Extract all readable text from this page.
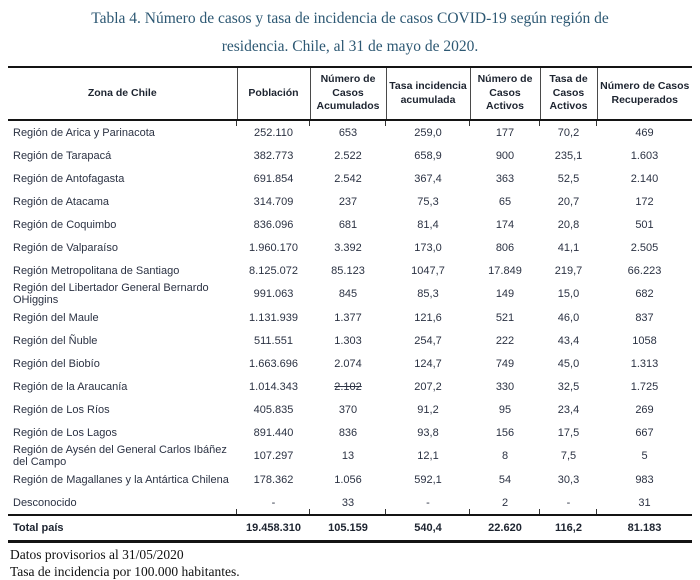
Tabla 4. Número de casos y tasa de incidencia de casos COVID-19 según región de
residencia. Chile, al 31 de mayo de 2020.
Zona de Chile	Población	Número de Casos Acumulados	Tasa incidencia acumulada	Número de Casos Activos	Tasa de Casos Activos	Número de Casos Recuperados
Región de Arica y Parinacota	252.110	653	259,0	177	70,2	469
Región de Tarapacá	382.773	2.522	658,9	900	235,1	1.603
Región de Antofagasta	691.854	2.542	367,4	363	52,5	2.140
Región de Atacama	314.709	237	75,3	65	20,7	172
Región de Coquimbo	836.096	681	81,4	174	20,8	501
Región de Valparaíso	1.960.170	3.392	173,0	806	41,1	2.505
Región Metropolitana de Santiago	8.125.072	85.123	1047,7	17.849	219,7	66.223
Región del Libertador General Bernardo OHiggins	991.063	845	85,3	149	15,0	682
Región del Maule	1.131.939	1.377	121,6	521	46,0	837
Región del Ñuble	511.551	1.303	254,7	222	43,4	1058
Región del Biobío	1.663.696	2.074	124,7	749	45,0	1.313
Región de la Araucanía	1.014.343	2.102	207,2	330	32,5	1.725
Región de Los Ríos	405.835	370	91,2	95	23,4	269
Región de Los Lagos	891.440	836	93,8	156	17,5	667
Región de Aysén del General Carlos Ibáñez del Campo	107.297	13	12,1	8	7,5	5
Región de Magallanes y la Antártica Chilena	178.362	1.056	592,1	54	30,3	983
Desconocido	-	33	-	2	-	31
Total país	19.458.310	105.159	540,4	22.620	116,2	81.183
Datos provisorios al 31/05/2020
Tasa de incidencia por 100.000 habitantes.
